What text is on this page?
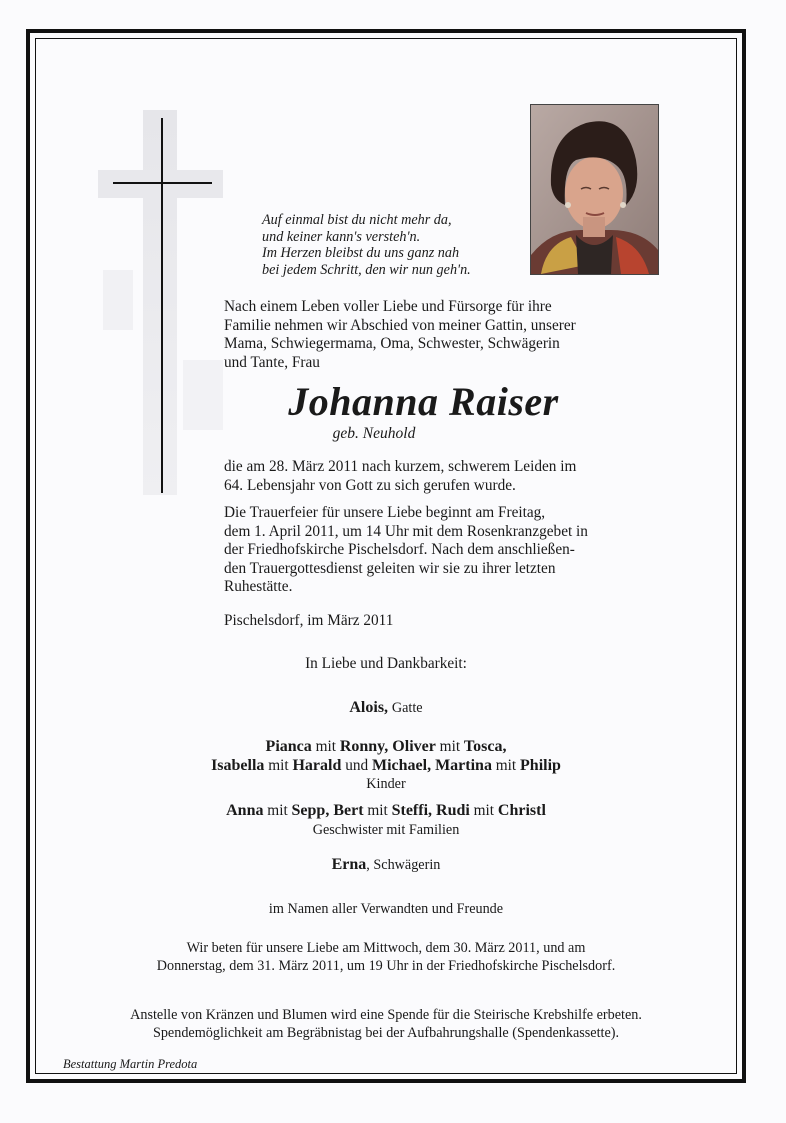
Auf einmal bist du nicht mehr da,
und keiner kann's versteh'n.
Im Herzen bleibst du uns ganz nah
bei jedem Schritt, den wir nun geh'n.
Nach einem Leben voller Liebe und Fürsorge für ihre
Familie nehmen wir Abschied von meiner Gattin, unserer
Mama, Schwiegermama, Oma, Schwester, Schwägerin
und Tante, Frau
Johanna Raiser
geb. Neuhold
die am 28. März 2011 nach kurzem, schwerem Leiden im
64. Lebensjahr von Gott zu sich gerufen wurde.
Die Trauerfeier für unsere Liebe beginnt am Freitag,
dem 1. April 2011, um 14 Uhr mit dem Rosenkranzgebet in
der Friedhofskirche Pischelsdorf. Nach dem anschließen-
den Trauergottesdienst geleiten wir sie zu ihrer letzten
Ruhestätte.
Pischelsdorf, im März 2011
In Liebe und Dankbarkeit:
Alois, Gatte
Pianca mit Ronny, Oliver mit Tosca,
Isabella mit Harald und Michael, Martina mit Philip
Kinder
Anna mit Sepp, Bert mit Steffi, Rudi mit Christl
Geschwister mit Familien
Erna, Schwägerin
im Namen aller Verwandten und Freunde
Wir beten für unsere Liebe am Mittwoch, dem 30. März 2011, und am
Donnerstag, dem 31. März 2011, um 19 Uhr in der Friedhofskirche Pischelsdorf.
Anstelle von Kränzen und Blumen wird eine Spende für die Steirische Krebshilfe erbeten.
Spendemöglichkeit am Begräbnistag bei der Aufbahrungshalle (Spendenkassette).
Bestattung Martin Predota
